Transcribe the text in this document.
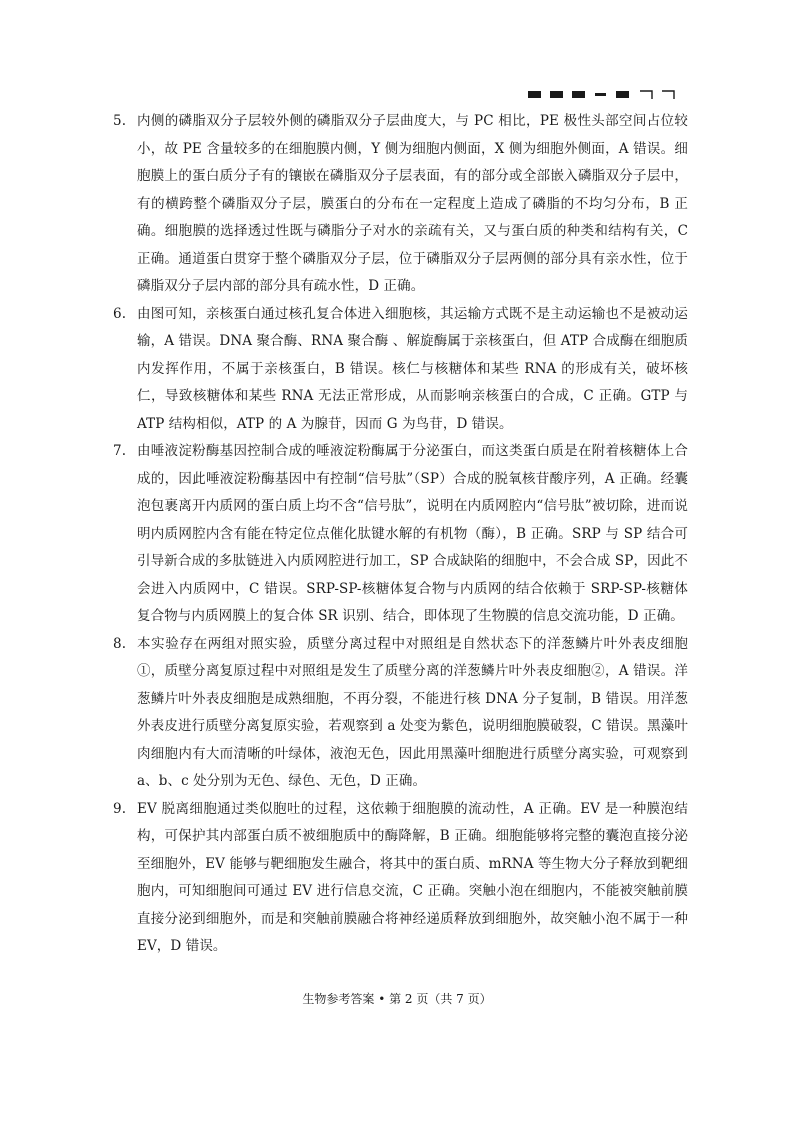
5. 内侧的磷脂双分子层较外侧的磷脂双分子层曲度大，与 PC 相比，PE 极性头部空间占位较小，故 PE 含量较多的在细胞膜内侧，Y 侧为细胞内侧面，X 侧为细胞外侧面，A 错误。细胞膜上的蛋白质分子有的镶嵌在磷脂双分子层表面，有的部分或全部嵌入磷脂双分子层中，有的横跨整个磷脂双分子层，膜蛋白的分布在一定程度上造成了磷脂的不均匀分布，B 正确。细胞膜的选择透过性既与磷脂分子对水的亲疏有关，又与蛋白质的种类和结构有关，C 正确。通道蛋白贯穿于整个磷脂双分子层，位于磷脂双分子层两侧的部分具有亲水性，位于磷脂双分子层内部的部分具有疏水性，D 正确。
6. 由图可知，亲核蛋白通过核孔复合体进入细胞核，其运输方式既不是主动运输也不是被动运输，A 错误。DNA 聚合酶、RNA 聚合酶 、解旋酶属于亲核蛋白，但 ATP 合成酶在细胞质内发挥作用，不属于亲核蛋白，B 错误。核仁与核糖体和某些 RNA 的形成有关，破坏核仁，导致核糖体和某些 RNA 无法正常形成，从而影响亲核蛋白的合成，C 正确。GTP 与 ATP 结构相似，ATP 的 A 为腺苷，因而 G 为鸟苷，D 错误。
7. 由唾液淀粉酶基因控制合成的唾液淀粉酶属于分泌蛋白，而这类蛋白质是在附着核糖体上合成的，因此唾液淀粉酶基因中有控制“信号肽”（SP）合成的脱氧核苷酸序列，A 正确。经囊泡包裹离开内质网的蛋白质上均不含“信号肽”，说明在内质网腔内“信号肽”被切除，进而说明内质网腔内含有能在特定位点催化肽键水解的有机物（酶），B 正确。SRP 与 SP 结合可引导新合成的多肽链进入内质网腔进行加工，SP 合成缺陷的细胞中，不会合成 SP，因此不会进入内质网中，C 错误。SRP-SP-核糖体复合物与内质网的结合依赖于 SRP-SP-核糖体复合物与内质网膜上的复合体 SR 识别、结合，即体现了生物膜的信息交流功能，D 正确。
8. 本实验存在两组对照实验，质壁分离过程中对照组是自然状态下的洋葱鳞片叶外表皮细胞①，质壁分离复原过程中对照组是发生了质壁分离的洋葱鳞片叶外表皮细胞②，A 错误。洋葱鳞片叶外表皮细胞是成熟细胞，不再分裂，不能进行核 DNA 分子复制，B 错误。用洋葱外表皮进行质壁分离复原实验，若观察到 a 处变为紫色，说明细胞膜破裂，C 错误。黑藻叶肉细胞内有大而清晰的叶绿体，液泡无色，因此用黑藻叶细胞进行质壁分离实验，可观察到 a、b、c 处分别为无色、绿色、无色，D 正确。
9. EV 脱离细胞通过类似胞吐的过程，这依赖于细胞膜的流动性，A 正确。EV 是一种膜泡结构，可保护其内部蛋白质不被细胞质中的酶降解，B 正确。细胞能够将完整的囊泡直接分泌至细胞外，EV 能够与靶细胞发生融合，将其中的蛋白质、mRNA 等生物大分子释放到靶细胞内，可知细胞间可通过 EV 进行信息交流，C 正确。突触小泡在细胞内，不能被突触前膜直接分泌到细胞外，而是和突触前膜融合将神经递质释放到细胞外，故突触小泡不属于一种 EV，D 错误。
生物参考答案 • 第 2 页（共 7 页）
